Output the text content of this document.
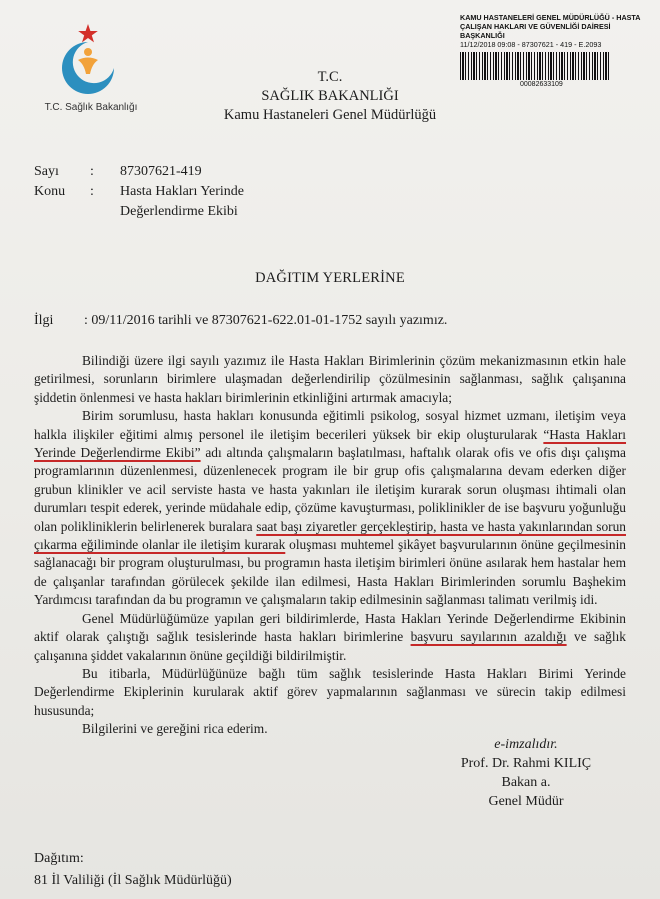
T.C. Sağlık Bakanlığı
KAMU HASTANELERİ GENEL MÜDÜRLÜĞÜ - HASTA
ÇALIŞAN HAKLARI VE GÜVENLİĞİ DAİRESİ
BAŞKANLIĞI
11/12/2018 09:08 - 87307621 - 419 - E.2093
00082633109
T.C.
SAĞLIK BAKANLIĞI
Kamu Hastaneleri Genel Müdürlüğü
Sayı	:	87307621-419
Konu	:	Hasta Hakları Yerinde
Değerlendirme Ekibi
DAĞITIM YERLERİNE
İlgi : 09/11/2016 tarihli ve 87307621-622.01-01-1752 sayılı yazımız.

Bilindiği üzere ilgi sayılı yazımız ile Hasta Hakları Birimlerinin çözüm mekanizmasının etkin hale getirilmesi, sorunların birimlere ulaşmadan değerlendirilip çözülmesinin sağlanması, sağlık çalışanına şiddetin önlenmesi ve hasta hakları birimlerinin etkinliğini artırmak amacıyla;

Birim sorumlusu, hasta hakları konusunda eğitimli psikolog, sosyal hizmet uzmanı, iletişim veya halkla ilişkiler eğitimi almış personel ile iletişim becerileri yüksek bir ekip oluşturularak “Hasta Hakları Yerinde Değerlendirme Ekibi” adı altında çalışmaların başlatılması, haftalık olarak ofis ve ofis dışı çalışma programlarının düzenlenmesi, düzenlenecek program ile bir grup ofis çalışmalarına devam ederken diğer grubun klinikler ve acil serviste hasta ve hasta yakınları ile iletişim kurarak sorun oluşması ihtimali olan durumları tespit ederek, yerinde müdahale edip, çözüme kavuşturması, poliklinikler de ise başvuru yoğunluğu olan polikliniklerin belirlenerek buralara saat başı ziyaretler gerçekleştirip, hasta ve hasta yakınlarından sorun çıkarma eğiliminde olanlar ile iletişim kurarak oluşması muhtemel şikâyet başvurularının önüne geçilmesinin sağlanacağı bir program oluşturulması, bu programın hasta iletişim birimleri önüne asılarak hem hastalar hem de çalışanlar tarafından görülecek şekilde ilan edilmesi, Hasta Hakları Birimlerinden sorumlu Başhekim Yardımcısı tarafından da bu programın ve çalışmaların takip edilmesinin sağlanması talimatı verilmiş idi.

Genel Müdürlüğümüze yapılan geri bildirimlerde, Hasta Hakları Yerinde Değerlendirme Ekibinin aktif olarak çalıştığı sağlık tesislerinde hasta hakları birimlerine başvuru sayılarının azaldığı ve sağlık çalışanına şiddet vakalarının önüne geçildiği bildirilmiştir.

Bu itibarla, Müdürlüğünüze bağlı tüm sağlık tesislerinde Hasta Hakları Birimi Yerinde Değerlendirme Ekiplerinin kurularak aktif görev yapmalarının sağlanması ve sürecin takip edilmesi hususunda;

Bilgilerini ve gereğini rica ederim.

e-imzalıdır.
Prof. Dr. Rahmi KILIÇ
Bakan a.
Genel Müdür
Dağıtım:
81 İl Valiliği (İl Sağlık Müdürlüğü)
